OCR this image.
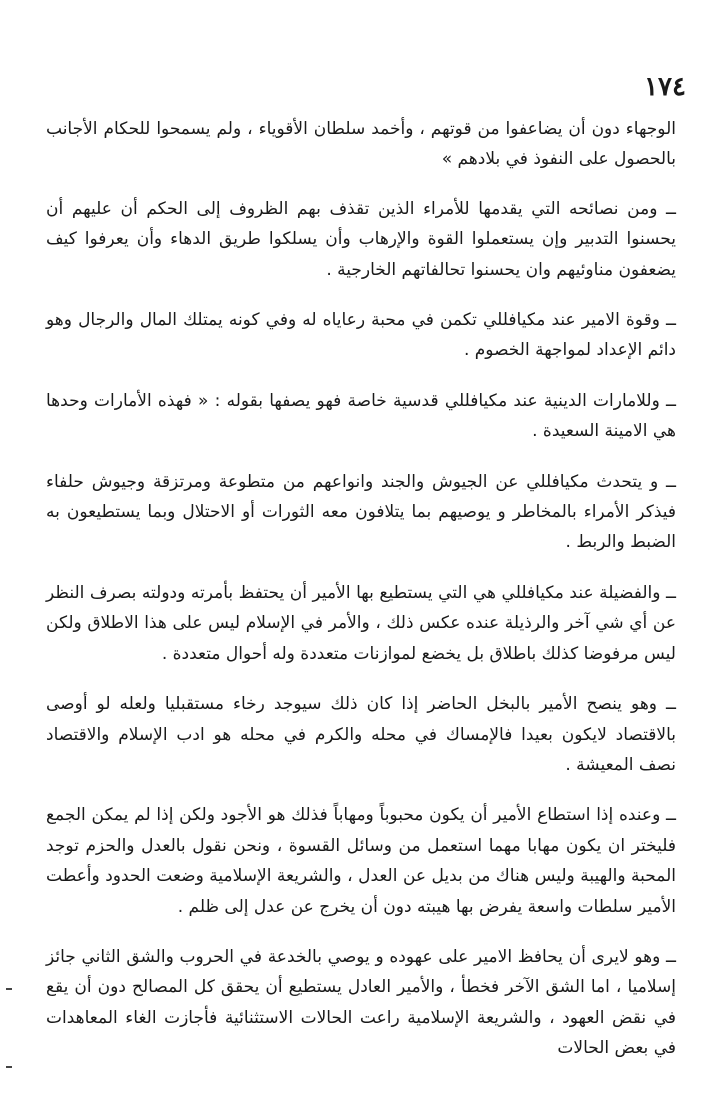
١٧٤

الوجهاء دون أن يضاعفوا من قوتهم ، وأخمد سلطان الأقوياء ، ولم يسمحوا للحكام الأجانب بالحصول على النفوذ في بلادهم »

ــ ومن نصائحه التي يقدمها للأمراء الذين تقذف بهم الظروف إلى الحكم أن عليهم أن يحسنوا التدبير وإن يستعملوا القوة والإرهاب وأن يسلكوا طريق الدهاء وأن يعرفوا كيف يضعفون مناوئيهم وان يحسنوا تحالفاتهم الخارجية .

ــ وقوة الامير عند مكيافللي تكمن في محبة رعاياه له وفي كونه يمتلك المال والرجال وهو دائم الإعداد لمواجهة الخصوم .

ــ وللامارات الدينية عند مكيافللي قدسية خاصة فهو يصفها بقوله : « فهذه الأمارات وحدها هي الامينة السعيدة .

ــ و يتحدث مكيافللي عن الجيوش والجند وانواعهم من متطوعة ومرتزقة وجيوش حلفاء فيذكر الأمراء بالمخاطر و يوصيهم بما يتلافون معه الثورات أو الاحتلال وبما يستطيعون به الضبط والربط .

ــ والفضيلة عند مكيافللي هي التي يستطيع بها الأمير أن يحتفظ بأمرته ودولته بصرف النظر عن أي شي آخر والرذيلة عنده عكس ذلك ، والأمر في الإسلام ليس على هذا الاطلاق ولكن ليس مرفوضا كذلك باطلاق بل يخضع لموازنات متعددة وله أحوال متعددة .

ــ وهو ينصح الأمير بالبخل الحاضر إذا كان ذلك سيوجد رخاء مستقبليا ولعله لو أوصى بالاقتصاد لايكون بعيدا فالإمساك في محله والكرم في محله هو ادب الإسلام والاقتصاد نصف المعيشة .

ــ وعنده إذا استطاع الأمير أن يكون محبوباً ومهاباً فذلك هو الأجود ولكن إذا لم يمكن الجمع فليختر ان يكون مهابا مهما استعمل من وسائل القسوة ، ونحن نقول بالعدل والحزم توجد المحبة والهيبة وليس هناك من بديل عن العدل ، والشريعة الإسلامية وضعت الحدود وأعطت الأمير سلطات واسعة يفرض بها هيبته دون أن يخرج عن عدل إلى ظلم .

ــ وهو لايرى أن يحافظ الامير على عهوده و يوصي بالخدعة في الحروب والشق الثاني جائز إسلاميا ، اما الشق الآخر فخطأ ، والأمير العادل يستطيع أن يحقق كل المصالح دون أن يقع في نقض العهود ، والشريعة الإسلامية راعت الحالات الاستثنائية فأجازت الغاء المعاهدات في بعض الحالات
